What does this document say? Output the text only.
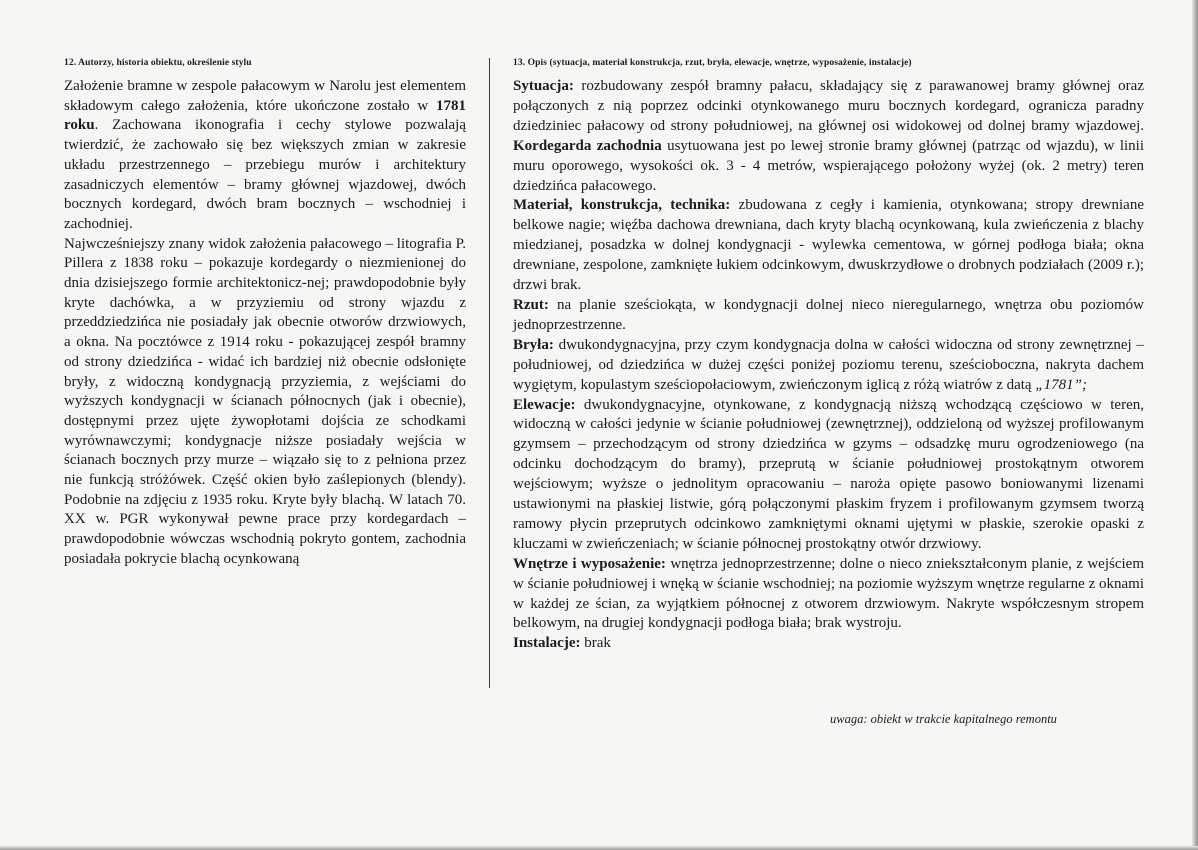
12. Autorzy, historia obiektu, określenie stylu

Założenie bramne w zespole pałacowym w Narolu jest elementem składowym całego założenia, które ukończone zostało w 1781 roku. Zachowana ikonografia i cechy stylowe pozwalają twierdzić, że zachowało się bez większych zmian w zakresie układu przestrzennego – przebiegu murów i architektury zasadniczych elementów – bramy głównej wjazdowej, dwóch bocznych kordegard, dwóch bram bocznych – wschodniej i zachodniej.

Najwcześniejszy znany widok założenia pałacowego – litografia P. Pillera z 1838 roku – pokazuje kordegardy o niezmienionej do dnia dzisiejszego formie architektonicz-nej; prawdopodobnie były kryte dachówka, a w przyziemiu od strony wjazdu z przeddziedzińca nie posiadały jak obecnie otworów drzwiowych, a okna. Na pocztówce z 1914 roku - pokazującej zespół bramny od strony dziedzińca - widać ich bardziej niż obecnie odsłonięte bryły, z widoczną kondygnacją przyziemia, z wejściami do wyższych kondygnacji w ścianach północnych (jak i obecnie), dostępnymi przez ujęte żywopłotami dojścia ze schodkami wyrównawczymi; kondygnacje niższe posiadały wejścia w ścianach bocznych przy murze – wiązało się to z pełniona przez nie funkcją stróżówek. Część okien było zaślepionych (blendy). Podobnie na zdjęciu z 1935 roku. Kryte były blachą. W latach 70. XX w. PGR wykonywał pewne prace przy kordegardach – prawdopodobnie wówczas wschodnią pokryto gontem, zachodnia posiadała pokrycie blachą ocynkowaną

13. Opis (sytuacja, materiał konstrukcja, rzut, bryła, elewacje, wnętrze, wyposażenie, instalacje)

Sytuacja: rozbudowany zespół bramny pałacu, składający się z parawanowej bramy głównej oraz połączonych z nią poprzez odcinki otynkowanego muru bocznych kordegard, ogranicza paradny dziedziniec pałacowy od strony południowej, na głównej osi widokowej od dolnej bramy wjazdowej. Kordegarda zachodnia usytuowana jest po lewej stronie bramy głównej (patrząc od wjazdu), w linii muru oporowego, wysokości ok. 3 - 4 metrów, wspierającego położony wyżej (ok. 2 metry) teren dziedzińca pałacowego.

Materiał, konstrukcja, technika: zbudowana z cegły i kamienia, otynkowana; stropy drewniane belkowe nagie; więźba dachowa drewniana, dach kryty blachą ocynkowaną, kula zwieńczenia z blachy miedzianej, posadzka w dolnej kondygnacji - wylewka cementowa, w górnej podłoga biała; okna drewniane, zespolone, zamknięte łukiem odcinkowym, dwuskrzydłowe o drobnych podziałach (2009 r.); drzwi brak.

Rzut: na planie sześciokąta, w kondygnacji dolnej nieco nieregularnego, wnętrza obu poziomów jednoprzestrzenne.

Bryła: dwukondygnacyjna, przy czym kondygnacja dolna w całości widoczna od strony zewnętrznej – południowej, od dziedzińca w dużej części poniżej poziomu terenu, sześcioboczna, nakryta dachem wygiętym, kopulastym sześciopołaciowym, zwieńczonym iglicą z różą wiatrów z datą „1781”;

Elewacje: dwukondygnacyjne, otynkowane, z kondygnacją niższą wchodzącą częściowo w teren, widoczną w całości jedynie w ścianie południowej (zewnętrznej), oddzieloną od wyższej profilowanym gzymsem – przechodzącym od strony dziedzińca w gzyms – odsadzkę muru ogrodzeniowego (na odcinku dochodzącym do bramy), przeprutą w ścianie południowej prostokątnym otworem wejściowym; wyższe o jednolitym opracowaniu – naroża opięte pasowo boniowanymi lizenami ustawionymi na płaskiej listwie, górą połączonymi płaskim fryzem i profilowanym gzymsem tworzą ramowy płycin przeprutych odcinkowo zamkniętymi oknami ujętymi w płaskie, szerokie opaski z kluczami w zwieńczeniach; w ścianie północnej prostokątny otwór drzwiowy.

Wnętrze i wyposażenie: wnętrza jednoprzestrzenne; dolne o nieco zniekształconym planie, z wejściem w ścianie południowej i wnęką w ścianie wschodniej; na poziomie wyższym wnętrze regularne z oknami w każdej ze ścian, za wyjątkiem północnej z otworem drzwiowym. Nakryte współczesnym stropem belkowym, na drugiej kondygnacji podłoga biała; brak wystroju.

Instalacje: brak

uwaga: obiekt w trakcie kapitalnego remontu
